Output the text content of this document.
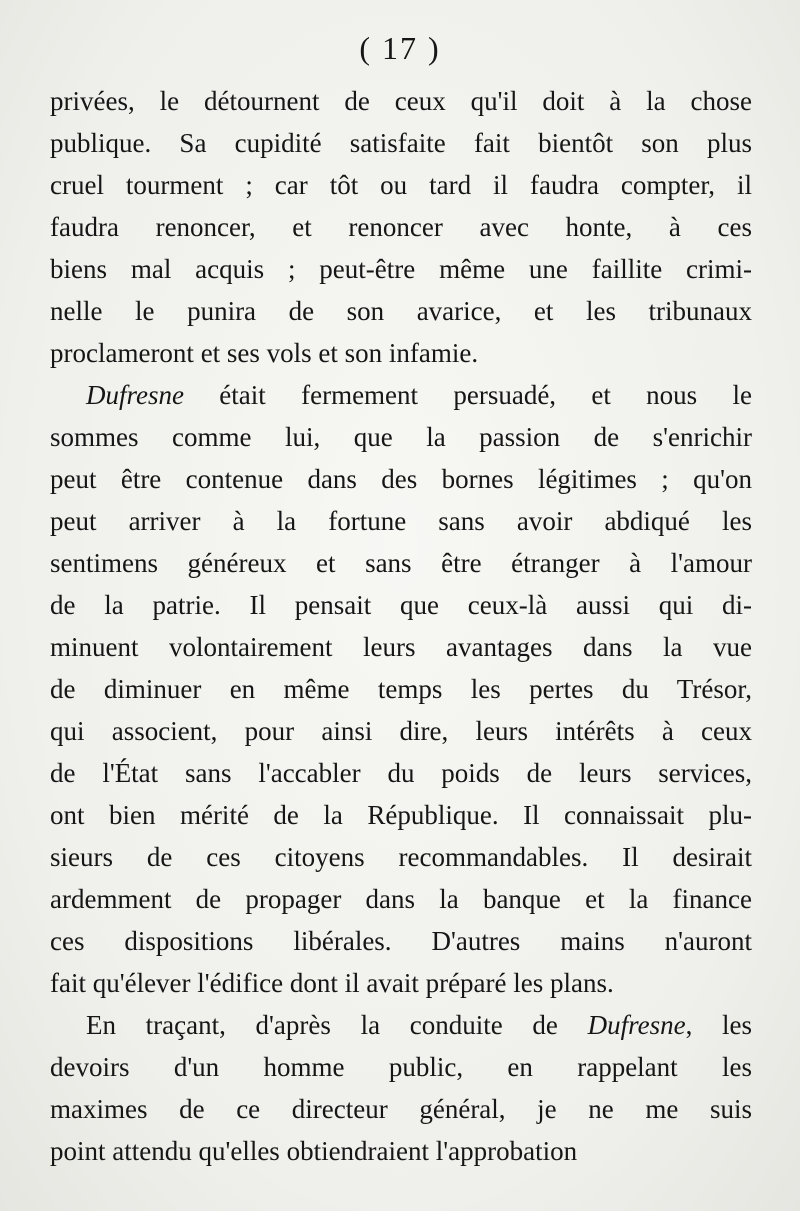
( 17 )
privées, le détournent de ceux qu'il doit à la chose
publique. Sa cupidité satisfaite fait bientôt son plus
cruel tourment ; car tôt ou tard il faudra compter, il
faudra renoncer, et renoncer avec honte, à ces
biens mal acquis ; peut-être même une faillite crimi-
nelle le punira de son avarice, et les tribunaux
proclameront et ses vols et son infamie.
Dufresne était fermement persuadé, et nous le
sommes comme lui, que la passion de s'enrichir
peut être contenue dans des bornes légitimes ; qu'on
peut arriver à la fortune sans avoir abdiqué les
sentimens généreux et sans être étranger à l'amour
de la patrie. Il pensait que ceux-là aussi qui di-
minuent volontairement leurs avantages dans la vue
de diminuer en même temps les pertes du Trésor,
qui associent, pour ainsi dire, leurs intérêts à ceux
de l'État sans l'accabler du poids de leurs services,
ont bien mérité de la République. Il connaissait plu-
sieurs de ces citoyens recommandables. Il desirait
ardemment de propager dans la banque et la finance
ces dispositions libérales. D'autres mains n'auront
fait qu'élever l'édifice dont il avait préparé les plans.
En traçant, d'après la conduite de Dufresne, les
devoirs d'un homme public, en rappelant les
maximes de ce directeur général, je ne me suis
point attendu qu'elles obtiendraient l'approbation
